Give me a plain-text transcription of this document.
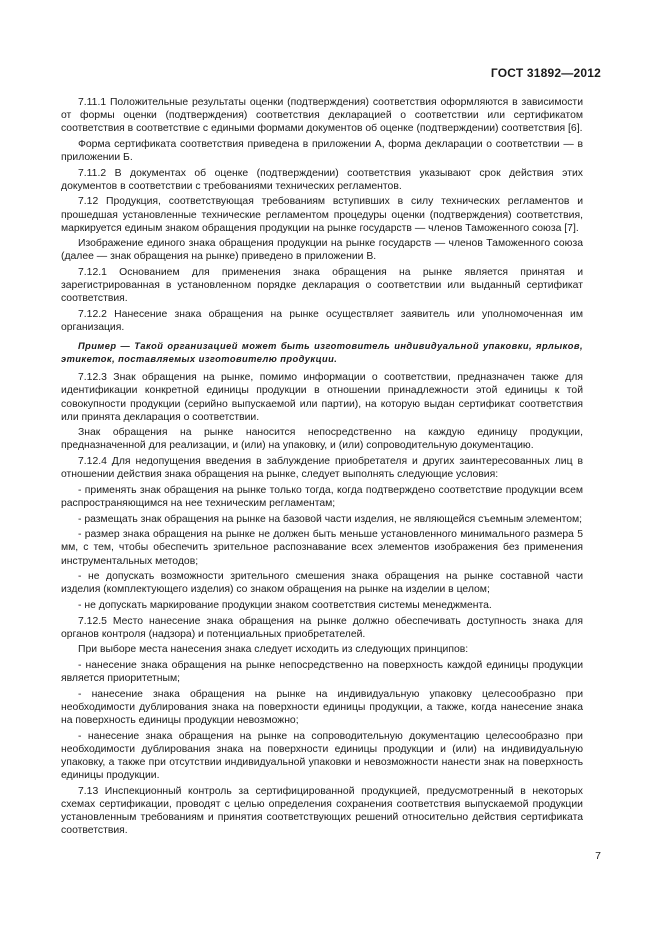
ГОСТ 31892—2012

7.11.1 Положительные результаты оценки (подтверждения) соответствия оформляются в зависимости от формы оценки (подтверждения) соответствия декларацией о соответствии или сертификатом соответствия в соответствие с едиными формами документов об оценке (подтверждении) соответствия [6].

Форма сертификата соответствия приведена в приложении А, форма декларации о соответствии — в приложении Б.

7.11.2 В документах об оценке (подтверждении) соответствия указывают срок действия этих документов в соответствии с требованиями технических регламентов.

7.12 Продукция, соответствующая требованиям вступивших в силу технических регламентов и прошедшая установленные технические регламентом процедуры оценки (подтверждения) соответствия, маркируется единым знаком обращения продукции на рынке государств — членов Таможенного союза [7].

Изображение единого знака обращения продукции на рынке государств — членов Таможенного союза (далее — знак обращения на рынке) приведено в приложении В.

7.12.1 Основанием для применения знака обращения на рынке является принятая и зарегистрированная в установленном порядке декларация о соответствии или выданный сертификат соответствия.

7.12.2 Нанесение знака обращения на рынке осуществляет заявитель или уполномоченная им организация.

Пример — Такой организацией может быть изготовитель индивидуальной упаковки, ярлыков, этикеток, поставляемых изготовителю продукции.

7.12.3 Знак обращения на рынке, помимо информации о соответствии, предназначен также для идентификации конкретной единицы продукции в отношении принадлежности этой единицы к той совокупности продукции (серийно выпускаемой или партии), на которую выдан сертификат соответствия или принята декларация о соответствии.

Знак обращения на рынке наносится непосредственно на каждую единицу продукции, предназначенной для реализации, и (или) на упаковку, и (или) сопроводительную документацию.

7.12.4 Для недопущения введения в заблуждение приобретателя и других заинтересованных лиц в отношении действия знака обращения на рынке, следует выполнять следующие условия:

- применять знак обращения на рынке только тогда, когда подтверждено соответствие продукции всем распространяющимся на нее техническим регламентам;

- размещать знак обращения на рынке на базовой части изделия, не являющейся съемным элементом;

- размер знака обращения на рынке не должен быть меньше установленного минимального размера 5 мм, с тем, чтобы обеспечить зрительное распознавание всех элементов изображения без применения инструментальных методов;

- не допускать возможности зрительного смешения знака обращения на рынке составной части изделия (комплектующего изделия) со знаком обращения на рынке на изделии в целом;

- не допускать маркирование продукции знаком соответствия системы менеджмента.

7.12.5 Место нанесение знака обращения на рынке должно обеспечивать доступность знака для органов контроля (надзора) и потенциальных приобретателей.

При выборе места нанесения знака следует исходить из следующих принципов:

- нанесение знака обращения на рынке непосредственно на поверхность каждой единицы продукции является приоритетным;

- нанесение знака обращения на рынке на индивидуальную упаковку целесообразно при необходимости дублирования знака на поверхности единицы продукции, а также, когда нанесение знака на поверхность единицы продукции невозможно;

- нанесение знака обращения на рынке на сопроводительную документацию целесообразно при необходимости дублирования знака на поверхности единицы продукции и (или) на индивидуальную упаковку, а также при отсутствии индивидуальной упаковки и невозможности нанести знак на поверхность единицы продукции.

7.13 Инспекционный контроль за сертифицированной продукцией, предусмотренный в некоторых схемах сертификации, проводят с целью определения сохранения соответствия выпускаемой продукции установленным требованиям и принятия соответствующих решений относительно действия сертификата соответствия.

7
